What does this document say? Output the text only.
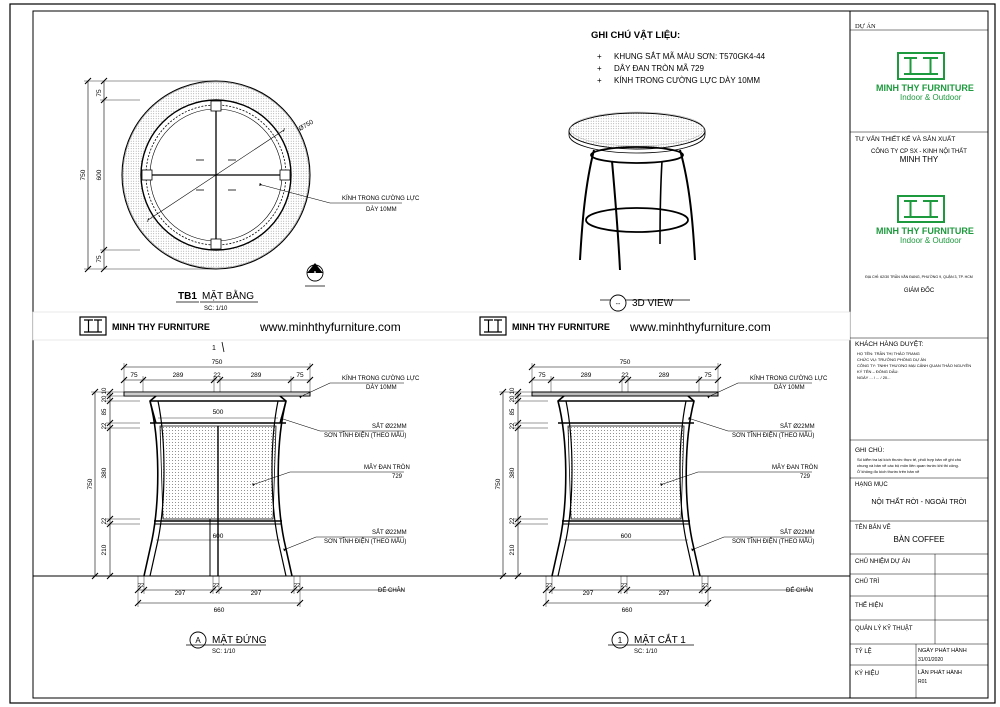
Ø750
75
600
75
750
KÍNH TRONG CƯỜNG LỰC
DÀY 10MM
A
TB1 MẶT BẰNG
SC: 1/10
GHI CHÚ VẬT LIỆU:
+ KHUNG SẮT MÃ MÀU SƠN: T570GK4-44
+ DÂY ĐAN TRÒN MÃ 729
+ KÍNH TRONG CƯỜNG LỰC DÀY 10MM
-- 3D VIEW
MINH THY FURNITURE	www.minhthyfurniture.com	MINH THY FURNITURE www.minhthyfurniture.com
1
750
75	289	22	289	75
10
20
85
22
380
22
210
750
500
600
22
297
22
297
22
660
KÍNH TRONG CƯỜNG LỰC
DÀY 10MM
SẮT Ø22MM
SƠN TĨNH ĐIỆN (THEO MẪU)
MÂY ĐAN TRÒN
729
SẮT Ø22MM
SƠN TĨNH ĐIỆN (THEO MẪU)
ĐẾ CHÂN
A MẶT ĐỨNG
SC: 1/10
750
75	289	22	289	75
10
20
85
22
380
22
210
750
600
22
297
22
297
22
660
KÍNH TRONG CƯỜNG LỰC
DÀY 10MM
SẮT Ø22MM
SƠN TĨNH ĐIỆN (THEO MẪU)
MÂY ĐAN TRÒN
729
SẮT Ø22MM
SƠN TĨNH ĐIỆN (THEO MẪU)
ĐẾ CHÂN
1 MẶT CẮT 1
SC: 1/10
DỰ ÁN
MINH THY FURNITURE
Indoor & Outdoor
TƯ VẤN THIẾT KẾ VÀ SẢN XUẤT
CÔNG TY CP SX - KINH NỘI THẤT
MINH THY
MINH THY FURNITURE
Indoor & Outdoor
ĐỊA CHỈ: 62/30 TRẦN VĂN ĐANG, PHƯỜNG 9, QUẬN 3, TP. HCM
GIÁM ĐỐC
KHÁCH HÀNG DUYỆT:
HỌ TÊN: TRẦN THỊ THẢO TRANG
CHỨC VỤ: TRƯỞNG PHÒNG DỰ ÁN
CÔNG TY: TNHH THƯƠNG MẠI CẢNH QUAN THẢO NGUYÊN
KÝ TÊN – ĐÓNG DẤU:
NGÀY ... / ... / 20...
GHI CHÚ:
Số kiểm tra lại kích thước thực tế, phối hợp bản vẽ ghi chú
chung và bản vẽ các bộ môn liên quan trước khi thi công.
Ở không đo kích thước trên bản vẽ
HẠNG MỤC
NỘI THẤT RỜI - NGOÀI TRỜI
TÊN BẢN VẼ
BÀN COFFEE
CHỦ NHIỆM DỰ ÁN
CHỦ TRÌ
THỂ HIỆN
QUẢN LÝ KỸ THUẬT
TỶ LỆ	NGÀY PHÁT HÀNH
31/01/2020
KÝ HIỆU	LẦN PHÁT HÀNH
R01
